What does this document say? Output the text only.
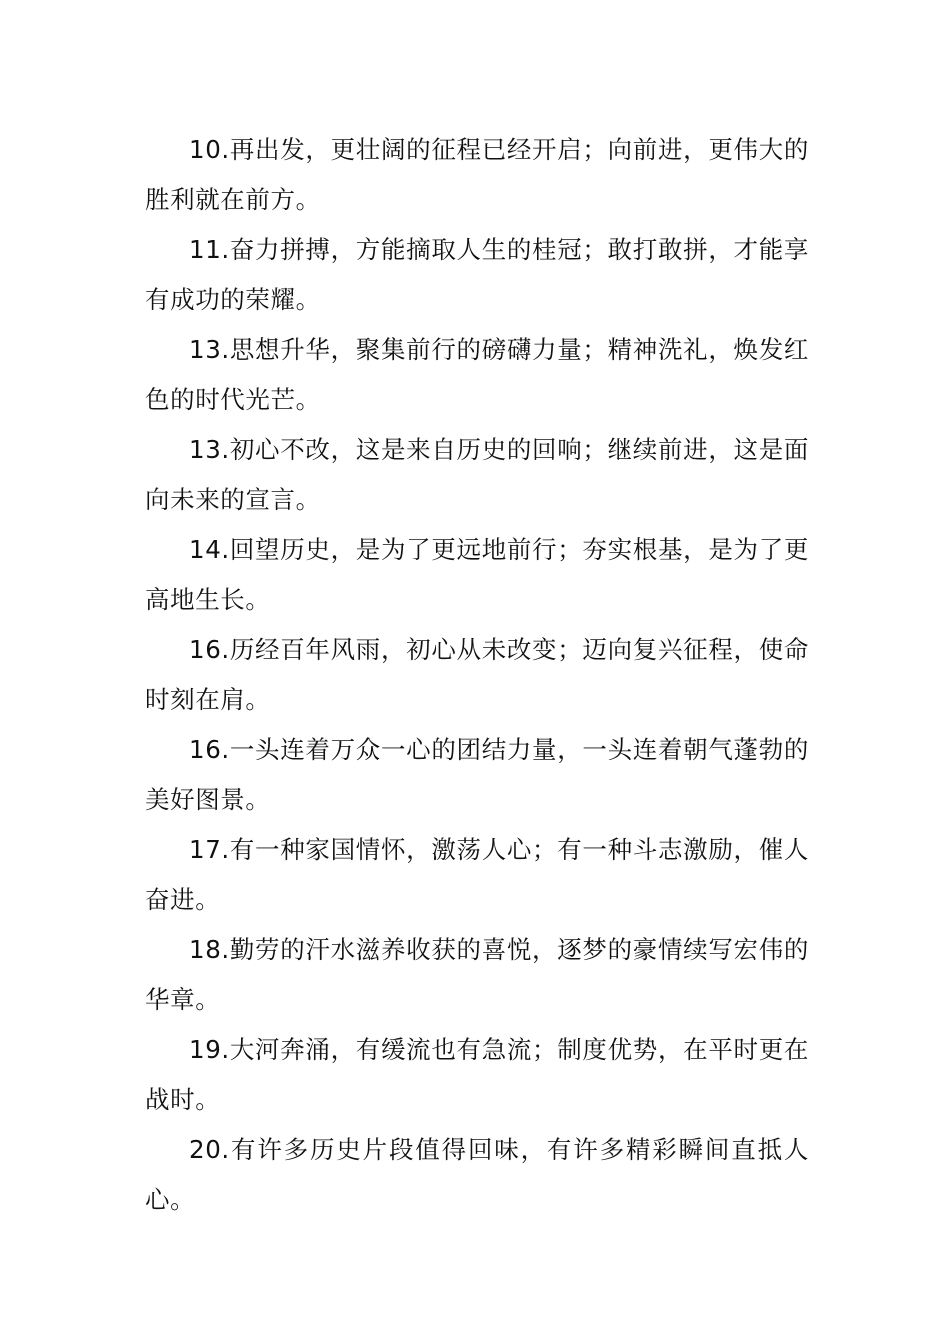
10.再出发，更壮阔的征程已经开启；向前进，更伟大的胜利就在前方。

11.奋力拼搏，方能摘取人生的桂冠；敢打敢拼，才能享有成功的荣耀。

13.思想升华，聚集前行的磅礴力量；精神洗礼，焕发红色的时代光芒。

13.初心不改，这是来自历史的回响；继续前进，这是面向未来的宣言。

14.回望历史，是为了更远地前行；夯实根基，是为了更高地生长。

16.历经百年风雨，初心从未改变；迈向复兴征程，使命时刻在肩。

16.一头连着万众一心的团结力量，一头连着朝气蓬勃的美好图景。

17.有一种家国情怀，激荡人心；有一种斗志激励，催人奋进。

18.勤劳的汗水滋养收获的喜悦，逐梦的豪情续写宏伟的华章。

19.大河奔涌，有缓流也有急流；制度优势，在平时更在战时。

20.有许多历史片段值得回味，有许多精彩瞬间直抵人心。
